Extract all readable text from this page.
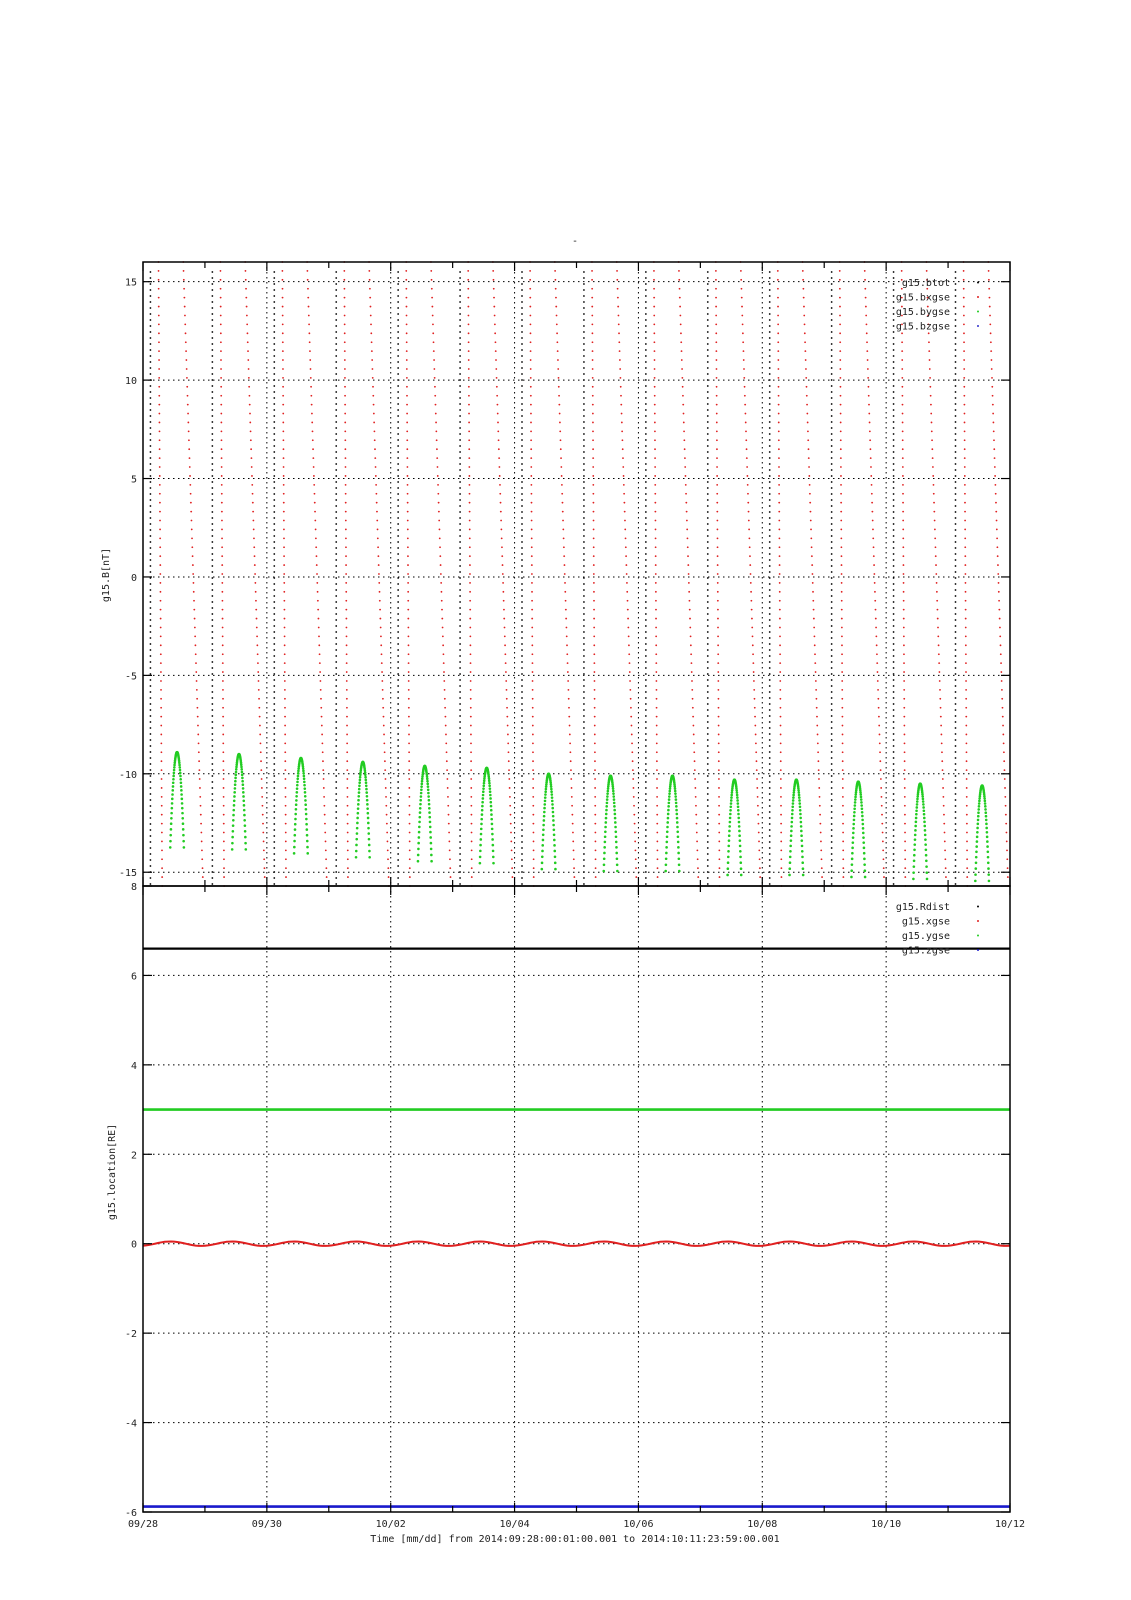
-
15
10
5
0
-5
-10
-15
g15.btot
g15.bxgse
g15.bygse
g15.bzgse
g15.B[nT]
8
6
4
2
0
-2
-4
-6
g15.Rdist
g15.xgse
g15.ygse
g15.zgse
g15.location[RE]
09/28	09/30	10/02	10/04	10/06	10/08	10/10	10/12
Time [mm/dd] from 2014:09:28:00:01:00.001 to 2014:10:11:23:59:00.001
